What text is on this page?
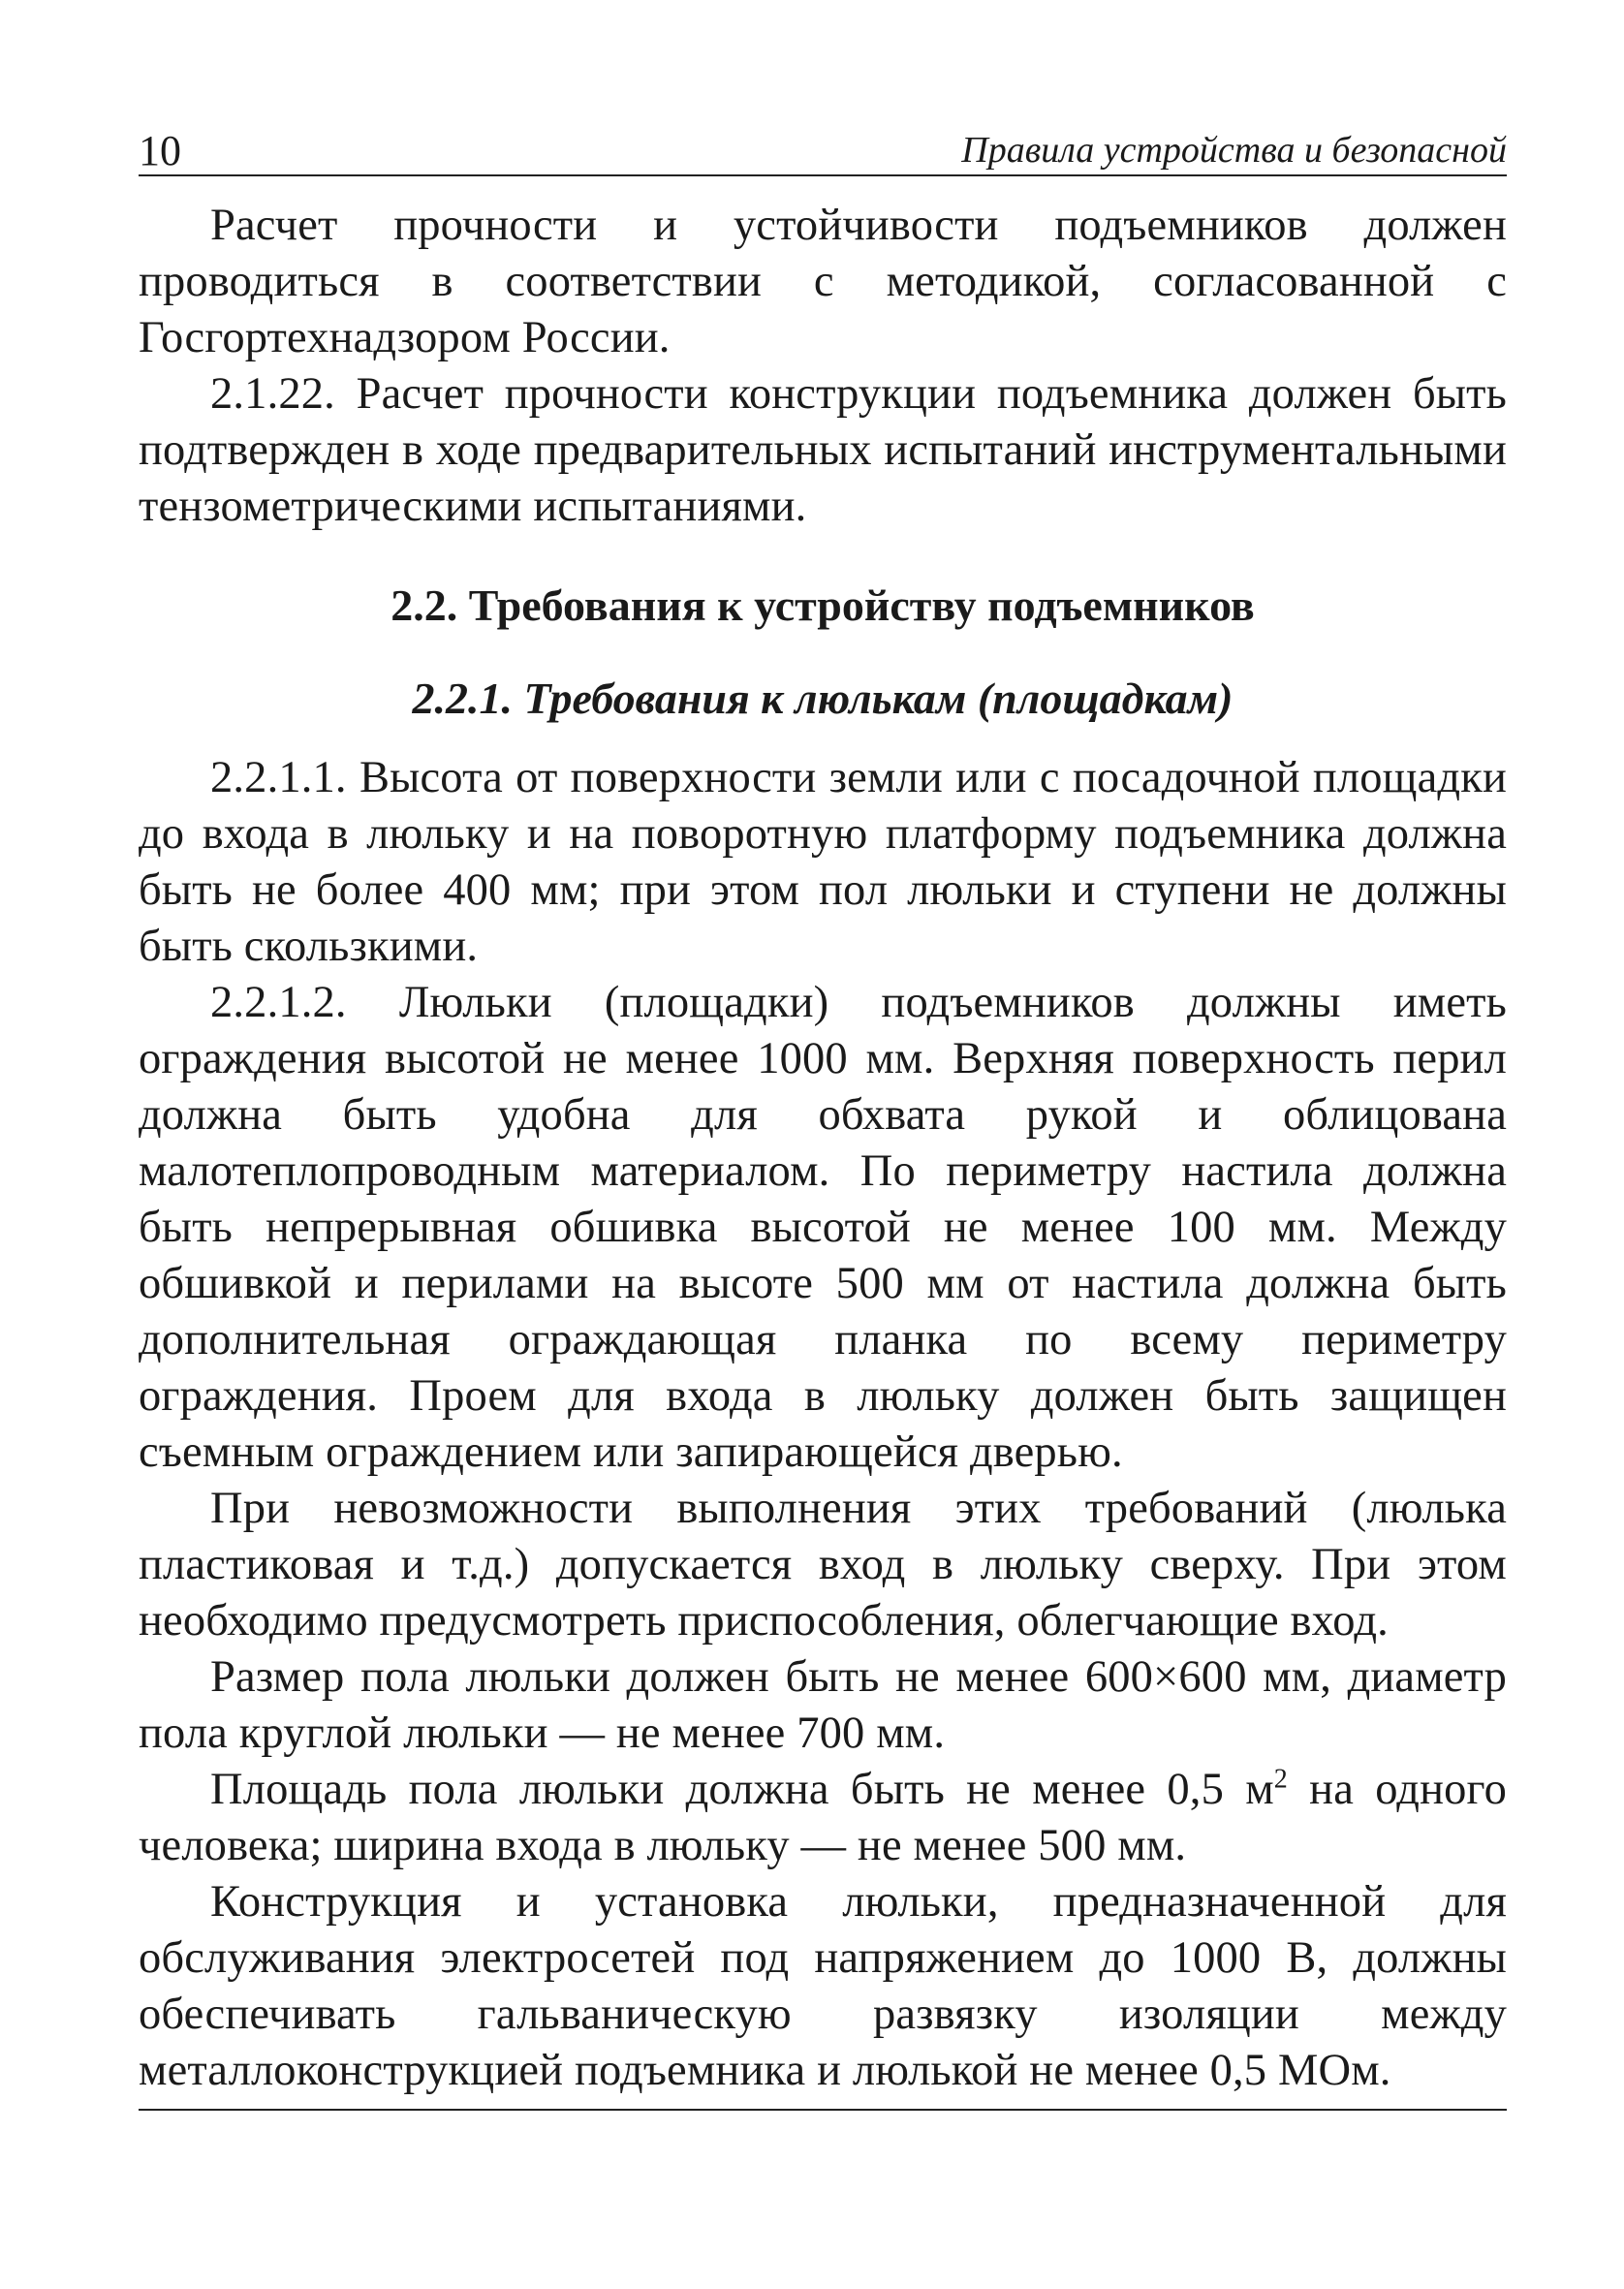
10	Правила устройства и безопасной

Расчет прочности и устойчивости подъемников должен проводиться в соответствии с методикой, согласованной с Госгортехнадзором России.

2.1.22. Расчет прочности конструкции подъемника должен быть подтвержден в ходе предварительных испытаний инструментальными тензометрическими испытаниями.

2.2. Требования к устройству подъемников
2.2.1. Требования к люлькам (площадкам)

2.2.1.1. Высота от поверхности земли или с посадочной площадки до входа в люльку и на поворотную платформу подъемника должна быть не более 400 мм; при этом пол люльки и ступени не должны быть скользкими.

2.2.1.2. Люльки (площадки) подъемников должны иметь ограждения высотой не менее 1000 мм. Верхняя поверхность перил должна быть удобна для обхвата рукой и облицована малотеплопроводным материалом. По периметру настила должна быть непрерывная обшивка высотой не менее 100 мм. Между обшивкой и перилами на высоте 500 мм от настила должна быть дополнительная ограждающая планка по всему периметру ограждения. Проем для входа в люльку должен быть защищен съемным ограждением или запирающейся дверью.

При невозможности выполнения этих требований (люлька пластиковая и т.д.) допускается вход в люльку сверху. При этом необходимо предусмотреть приспособления, облегчающие вход.

Размер пола люльки должен быть не менее 600×600 мм, диаметр пола круглой люльки — не менее 700 мм.

Площадь пола люльки должна быть не менее 0,5 $м^2$ на одного человека; ширина входа в люльку — не менее 500 мм.

Конструкция и установка люльки, предназначенной для обслуживания электросетей под напряжением до 1000 В, должны обеспечивать гальваническую развязку изоляции между металлоконструкцией подъемника и люлькой не менее 0,5 МОм.
